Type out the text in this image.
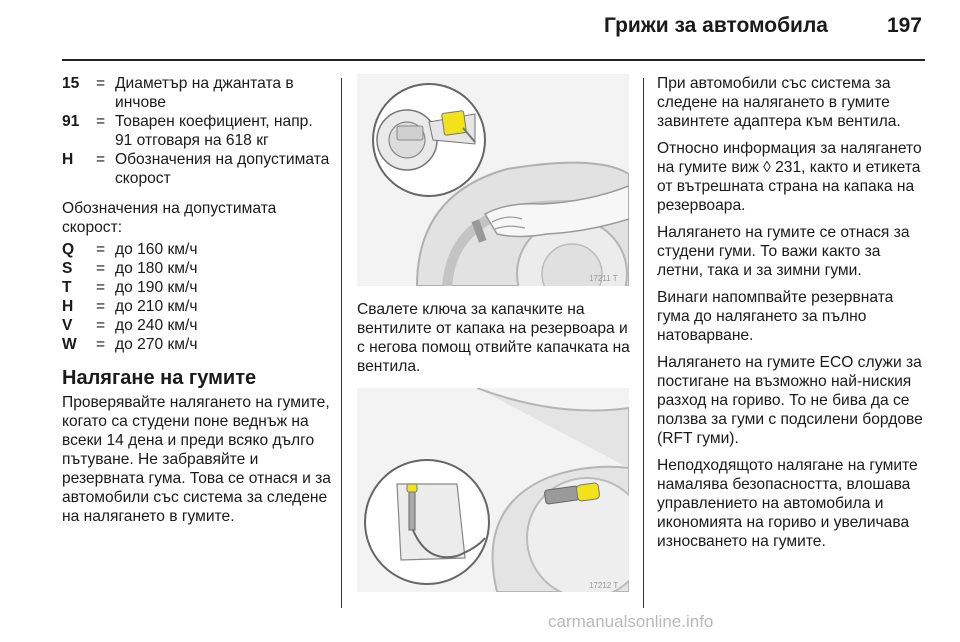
Грижи за автомобила	197
15	= Диаметър на джантата в инчове
91	= Товарен коефициент, напр. 91 отговаря на 618 кг
H	= Обозначения на допустимата скорост
Обозначения на допустимата скорост:
Q	= до 160 км/ч
S	= до 180 км/ч
T	= до 190 км/ч
H	= до 210 км/ч
V	= до 240 км/ч
W	= до 270 км/ч
Налягане на гумите
Проверявайте налягането на гумите, когато са студени поне веднъж на всеки 14 дена и преди всяко дълго пътуване. Не забравяйте и резервната гума. Това се отнася и за автомобили със система за следене на налягането в гумите.
17211 T
Свалете ключа за капачките на вентилите от капака на резервоара и с негова помощ отвийте капачката на вентила.
17212 T
При автомобили със система за следене на налягането в гумите завинтете адаптера към вентила.
Относно информация за налягането на гумите виж ◊ 231, както и етикета от вътрешната страна на капака на резервоара.
Налягането на гумите се отнася за студени гуми. То важи както за летни, така и за зимни гуми.
Винаги напомпвайте резервната гума до налягането за пълно натоварване.
Налягането на гумите ECO служи за постигане на възможно най-ниския разход на гориво. То не бива да се ползва за гуми с подсилени бордове (RFT гуми).
Неподходящото налягане на гумите намалява безопасността, влошава управлението на автомобила и икономията на гориво и увеличава износването на гумите.
carmanualsonline.info
